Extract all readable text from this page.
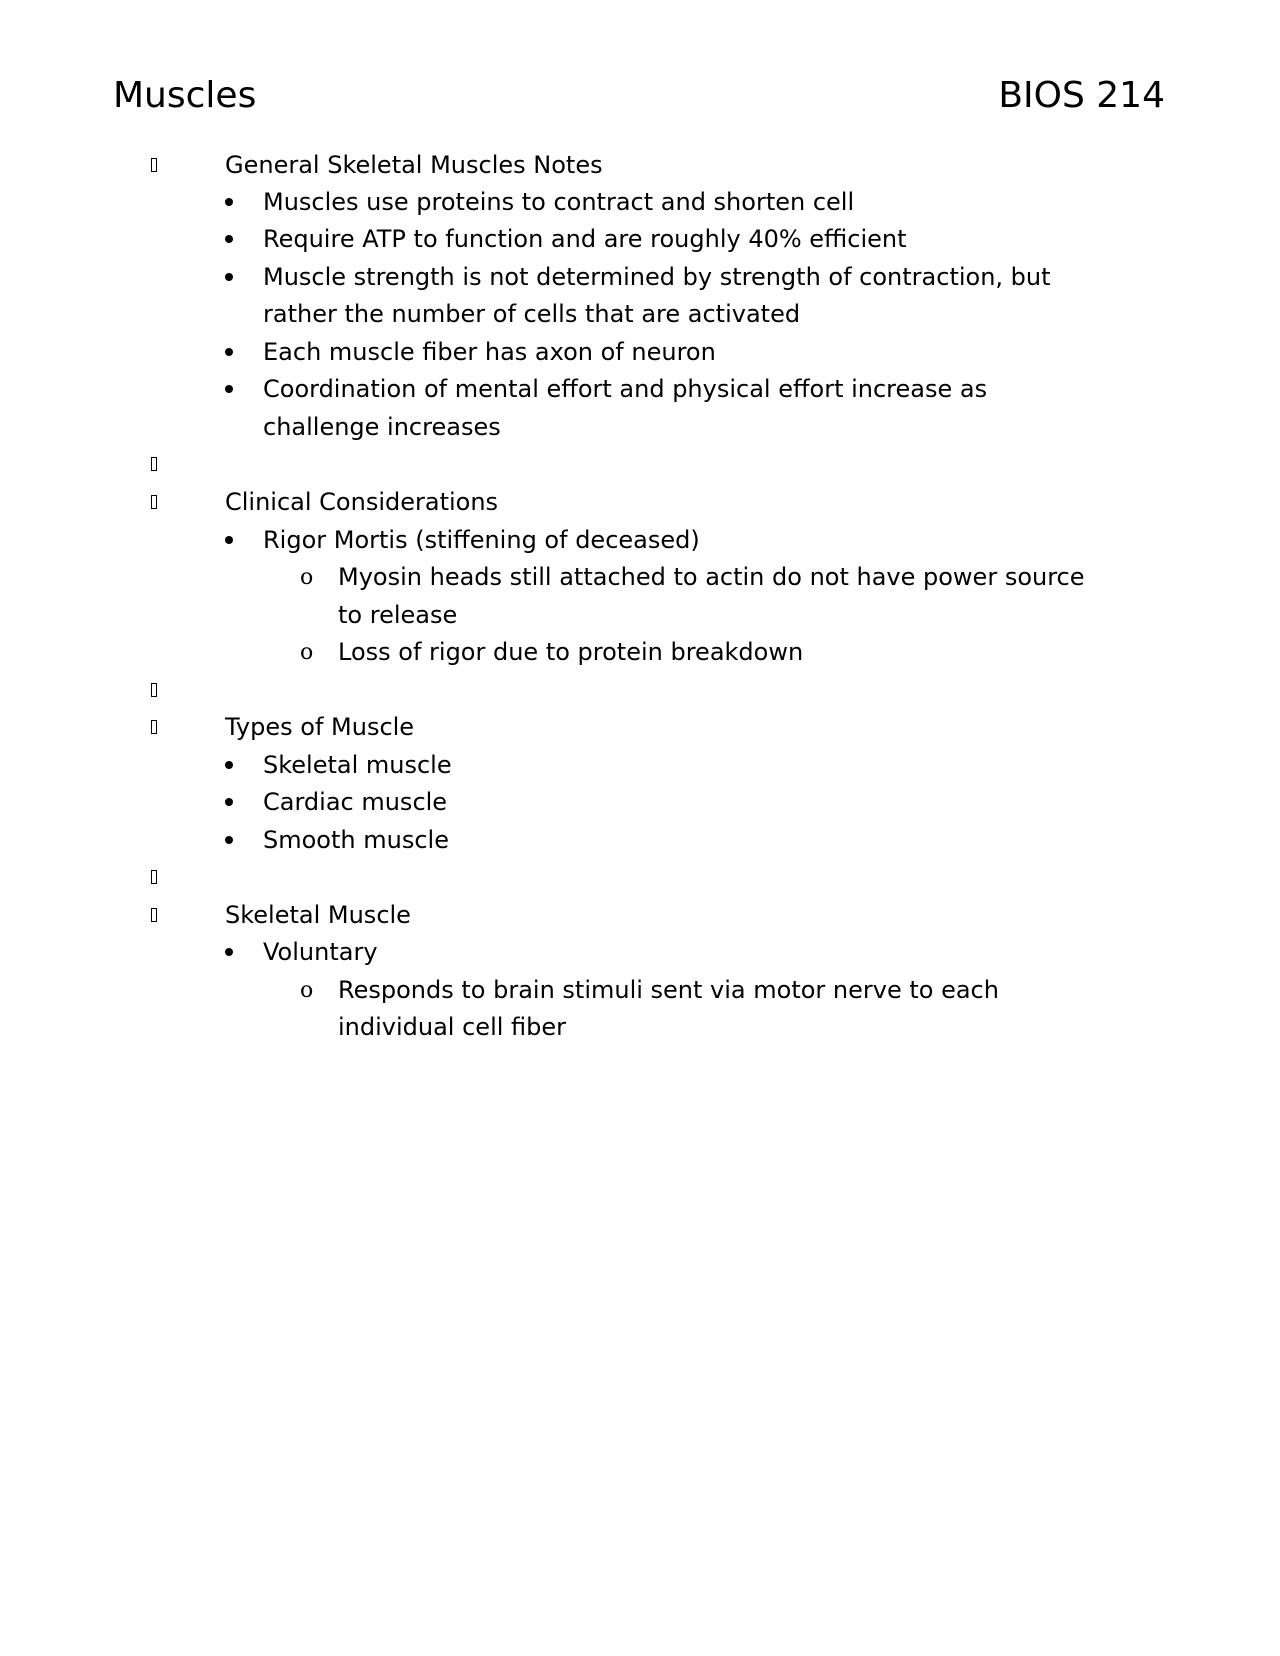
Muscles	BIOS 214
General Skeletal Muscles Notes
Muscles use proteins to contract and shorten cell
Require ATP to function and are roughly 40% efficient
Muscle strength is not determined by strength of contraction, but
rather the number of cells that are activated
Each muscle fiber has axon of neuron
Coordination of mental effort and physical effort increase as
challenge increases
Clinical Considerations
Rigor Mortis (stiffening of deceased)
o Myosin heads still attached to actin do not have power source
to release
o Loss of rigor due to protein breakdown
Types of Muscle
Skeletal muscle
Cardiac muscle
Smooth muscle
Skeletal Muscle
Voluntary
o Responds to brain stimuli sent via motor nerve to each
individual cell fiber
